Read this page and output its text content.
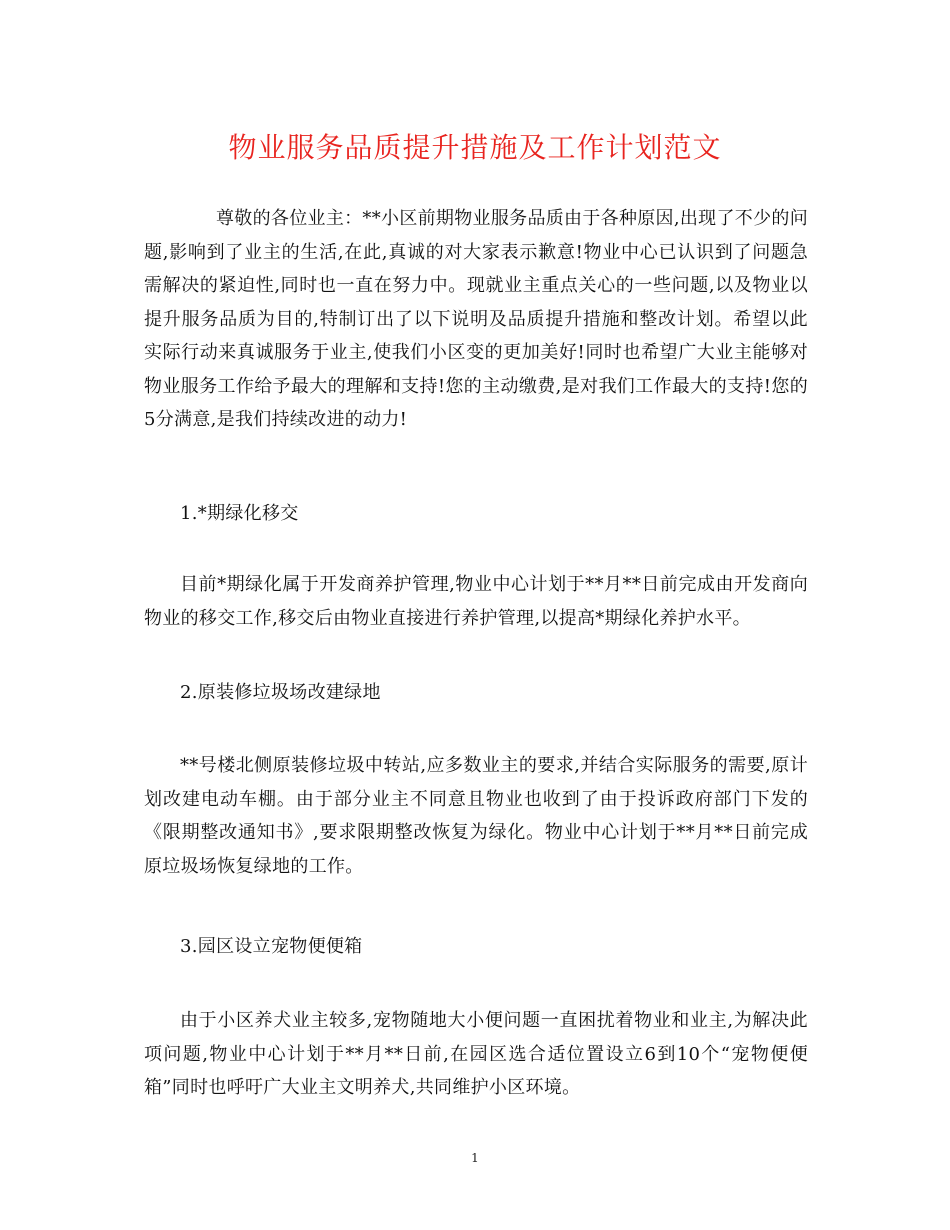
物业服务品质提升措施及工作计划范文

尊敬的各位业主：**小区前期物业服务品质由于各种原因,出现了不少的问题,影响到了业主的生活,在此,真诚的对大家表示歉意!物业中心已认识到了问题急需解决的紧迫性,同时也一直在努力中。现就业主重点关心的一些问题,以及物业以提升服务品质为目的,特制订出了以下说明及品质提升措施和整改计划。希望以此实际行动来真诚服务于业主,使我们小区变的更加美好!同时也希望广大业主能够对物业服务工作给予最大的理解和支持!您的主动缴费,是对我们工作最大的支持!您的5分满意,是我们持续改进的动力!

1.*期绿化移交

目前*期绿化属于开发商养护管理,物业中心计划于**月**日前完成由开发商向物业的移交工作,移交后由物业直接进行养护管理,以提高*期绿化养护水平。

2.原装修垃圾场改建绿地

**号楼北侧原装修垃圾中转站,应多数业主的要求,并结合实际服务的需要,原计划改建电动车棚。由于部分业主不同意且物业也收到了由于投诉政府部门下发的《限期整改通知书》,要求限期整改恢复为绿化。物业中心计划于**月**日前完成原垃圾场恢复绿地的工作。

3.园区设立宠物便便箱

由于小区养犬业主较多,宠物随地大小便问题一直困扰着物业和业主,为解决此项问题,物业中心计划于**月**日前,在园区选合适位置设立6到10个“宠物便便箱”同时也呼吁广大业主文明养犬,共同维护小区环境。

1
